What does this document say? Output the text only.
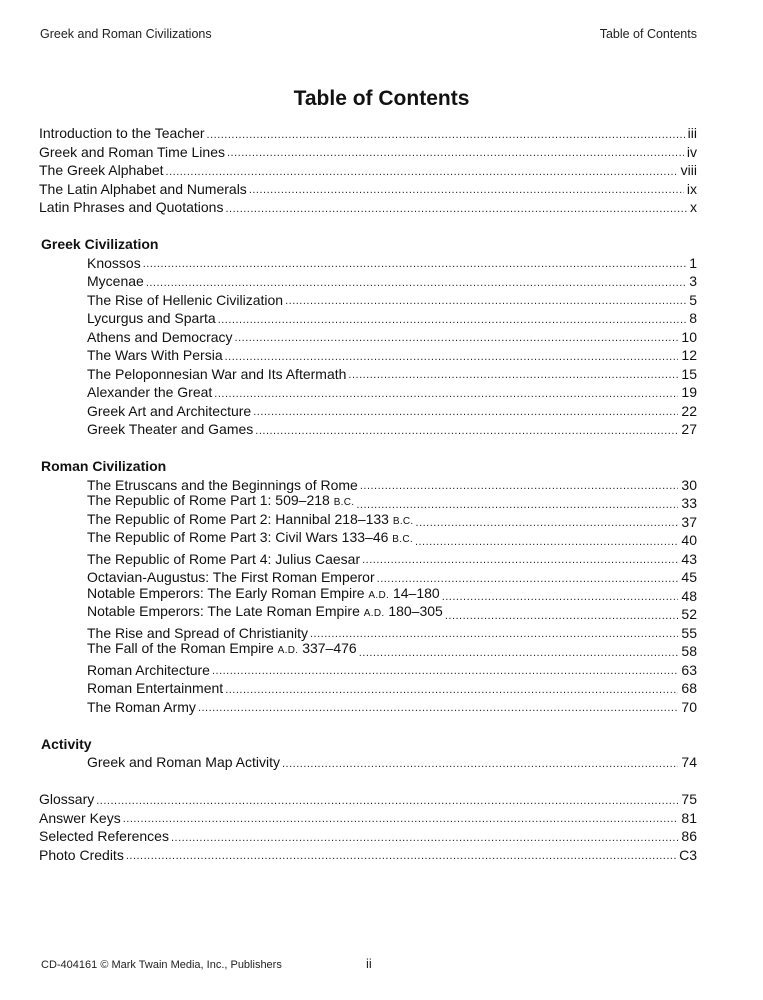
Greek and Roman Civilizations	Table of Contents
Table of Contents
Introduction to the Teacher .....	iii
Greek and Roman Time Lines .....	iv
The Greek Alphabet .....	viii
The Latin Alphabet and Numerals .....	ix
Latin Phrases and Quotations .....	x
Greek Civilization
Knossos .....	1
Mycenae .....	3
The Rise of Hellenic Civilization .....	5
Lycurgus and Sparta .....	8
Athens and Democracy .....	10
The Wars With Persia .....	12
The Peloponnesian War and Its Aftermath .....	15
Alexander the Great .....	19
Greek Art and Architecture .....	22
Greek Theater and Games .....	27
Roman Civilization
The Etruscans and the Beginnings of Rome .....	30
The Republic of Rome Part 1: 509–218 B.C. .....	33
The Republic of Rome Part 2: Hannibal 218–133 B.C. .....	37
The Republic of Rome Part 3: Civil Wars 133–46 B.C. .....	40
The Republic of Rome Part 4: Julius Caesar .....	43
Octavian-Augustus: The First Roman Emperor .....	45
Notable Emperors: The Early Roman Empire A.D. 14–180 .....	48
Notable Emperors: The Late Roman Empire A.D. 180–305 .....	52
The Rise and Spread of Christianity .....	55
The Fall of the Roman Empire A.D. 337–476 .....	58
Roman Architecture .....	63
Roman Entertainment .....	68
The Roman Army .....	70
Activity
Greek and Roman Map Activity .....	74
Glossary .....	75
Answer Keys .....	81
Selected References .....	86
Photo Credits .....	C3
CD-404161 © Mark Twain Media, Inc., Publishers	ii
